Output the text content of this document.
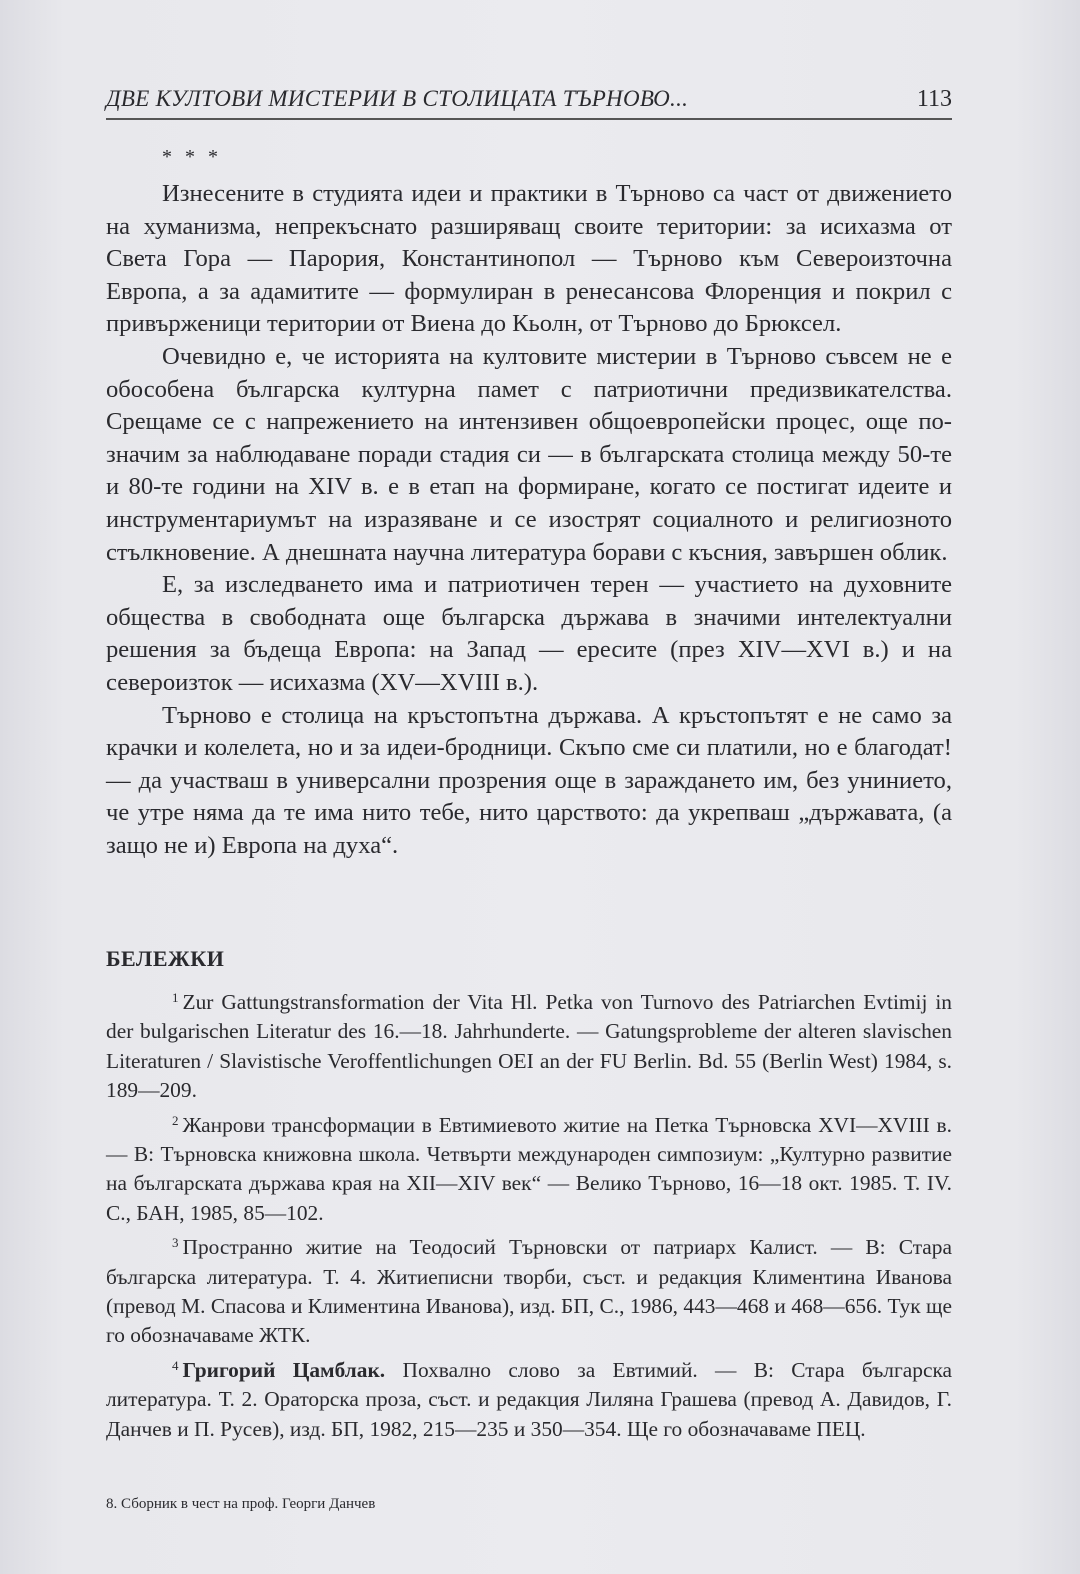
ДВЕ КУЛТОВИ МИСТЕРИИ В СТОЛИЦАТА ТЪРНОВО...	113
* * *

Изнесените в студията идеи и практики в Търново са част от движението на хуманизма, непрекъснато разширяващ своите територии: за исихазма от Света Гора — Парория, Константинопол — Търново към Североизточна Европа, а за адамитите — формулиран в ренесансова Флоренция и покрил с привърженици територии от Виена до Кьолн, от Търново до Брюксел.

Очевидно е, че историята на култовите мистерии в Търново съвсем не е обособена българска културна памет с патриотични предизвикателства. Срещаме се с напрежението на интензивен общоевропейски процес, още по-значим за наблюдаване поради стадия си — в българската столица между 50-те и 80-те години на XIV в. е в етап на формиране, когато се постигат идеите и инструментариумът на изразяване и се изострят социалното и религиозното стълкновение. А днешната научна литература борави с късния, завършен облик.

Е, за изследването има и патриотичен терен — участието на духовните общества в свободната още българска държава в значими интелектуални решения за бъдеща Европа: на Запад — ересите (през XIV—XVI в.) и на североизток — исихазма (XV—XVIII в.).

Търново е столица на кръстопътна държава. А кръстопътят е не само за крачки и колелета, но и за идеи-бродници. Скъпо сме си платили, но е благодат! — да участваш в универсални прозрения още в зараждането им, без унинието, че утре няма да те има нито тебе, нито царството: да укрепваш „държавата, (а защо не и) Европа на духа“.

БЕЛЕЖКИ

$^1$ Zur Gattungstransformation der Vita Hl. Petka von Turnovo des Patriarchen Evtimij in der bulgarischen Literatur des 16.—18. Jahrhunderte. — Gatungsprobleme der alteren slavischen Literaturen / Slavistische Veroffentlichungen OEI an der FU Berlin. Bd. 55 (Berlin West) 1984, s. 189—209.

$^2$ Жанрови трансформации в Евтимиевото житие на Петка Търновска XVI—XVIII в. — В: Търновска книжовна школа. Четвърти международен симпозиум: „Културно развитие на българската държава края на XII—XIV век“ — Велико Търново, 16—18 окт. 1985. Т. IV. С., БАН, 1985, 85—102.

$^3$ Пространно житие на Теодосий Търновски от патриарх Калист. — В: Стара българска литература. Т. 4. Житиеписни творби, съст. и редакция Климентина Иванова (превод М. Спасова и Климентина Иванова), изд. БП, С., 1986, 443—468 и 468—656. Тук ще го обозначаваме ЖТК.

$^4$ Григорий Цамблак. Похвално слово за Евтимий. — В: Стара българска литература. Т. 2. Ораторска проза, съст. и редакция Лиляна Грашева (превод А. Давидов, Г. Данчев и П. Русев), изд. БП, 1982, 215—235 и 350—354. Ще го обозначаваме ПЕЦ.

8. Сборник в чест на проф. Георги Данчев
